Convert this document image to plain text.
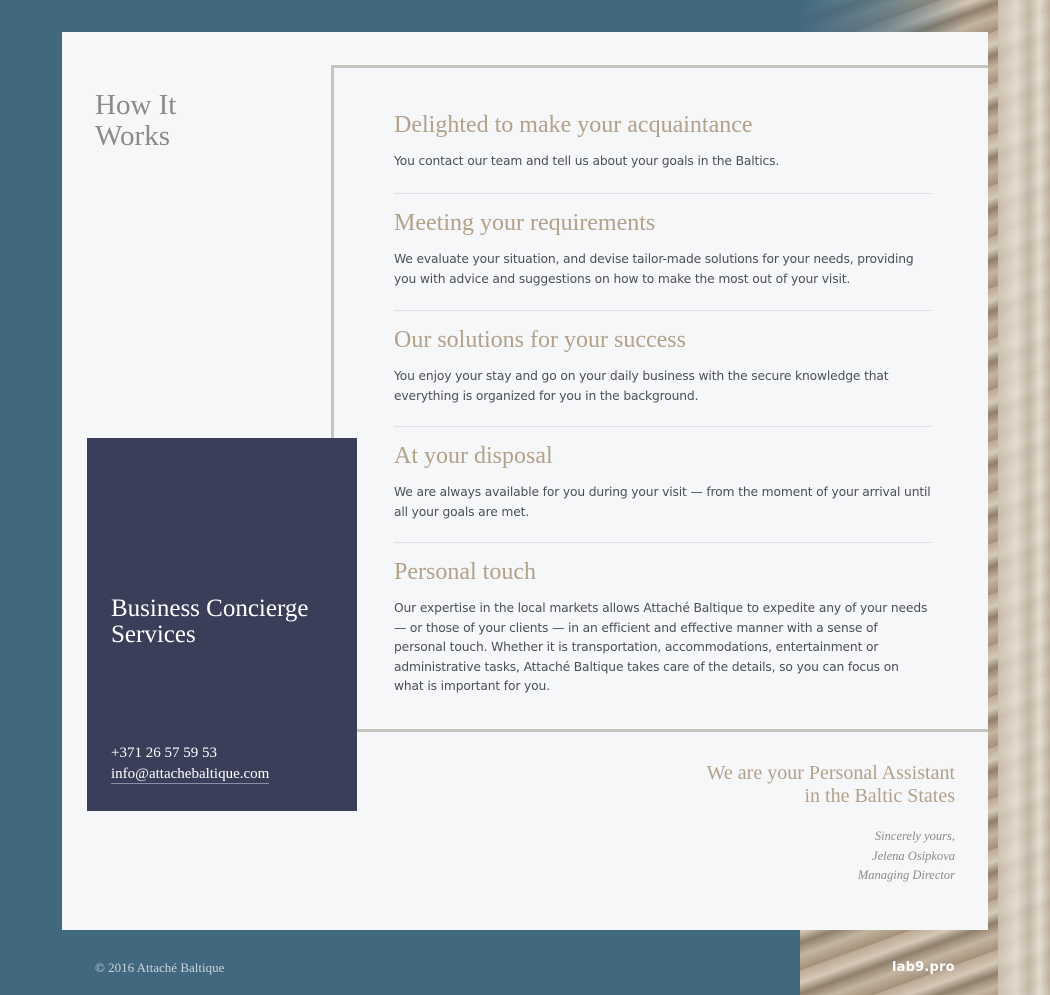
How It
Works	Delighted to make your acquaintance

You contact our team and tell us about your goals in the Baltics.

Meeting your requirements

We evaluate your situation, and devise tailor-made solutions for your needs, providing you with advice and suggestions on how to make the most out of your visit.

Our solutions for your success

You enjoy your stay and go on your daily business with the secure knowledge that everything is organized for you in the background.

At your disposal

We are always available for you during your visit — from the moment of your arrival until all your goals are met.

Personal touch

Our expertise in the local markets allows Attaché Baltique to expedite any of your needs — or those of your clients — in an efficient and effective manner with a sense of personal touch. Whether it is transportation, accommodations, entertainment or administrative tasks, Attaché Baltique takes care of the details, so you can focus on what is important for you.

We are your Personal Assistant
in the Baltic States
Sincerely yours,
Jelena Osipkova
Managing Director
Business Concierge
Services
+371 26 57 59 53
info@attachebaltique.com
© 2016 Attaché Baltique	lab9.pro
